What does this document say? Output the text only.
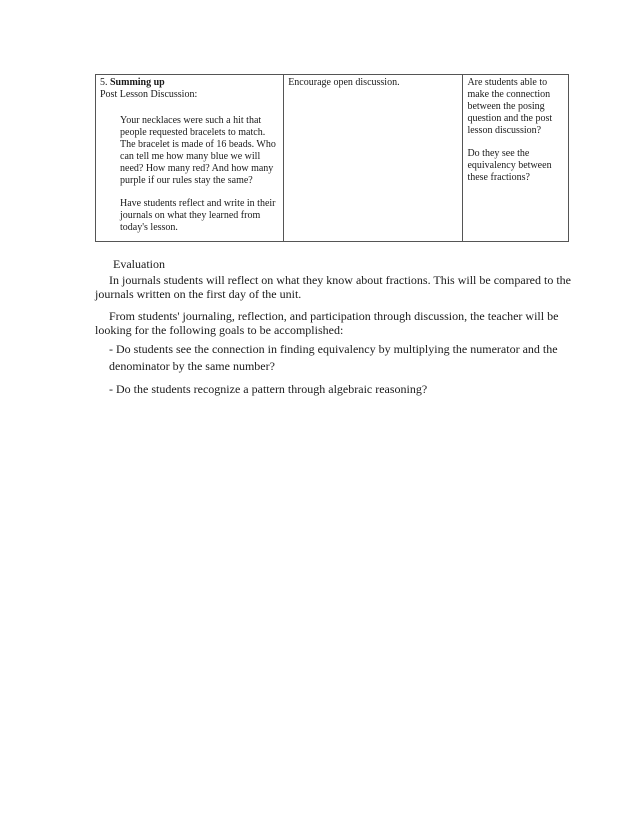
5. Summing up

Post Lesson Discussion:

Your necklaces were such a hit that people requested bracelets to match. The bracelet is made of 16 beads. Who can tell me how many blue we will need? How many red? And how many purple if our rules stay the same?

Have students reflect and write in their journals on what they learned from today's lesson.

Encourage open discussion.	Are students able to make the connection between the posing question and the post lesson discussion?

Do they see the equivalency between these fractions?

Evaluation

In journals students will reflect on what they know about fractions. This will be compared to the journals written on the first day of the unit.

From students' journaling, reflection, and participation through discussion, the teacher will be looking for the following goals to be accomplished:

- Do students see the connection in finding equivalency by multiplying the numerator and the denominator by the same number?
- Do the students recognize a pattern through algebraic reasoning?
